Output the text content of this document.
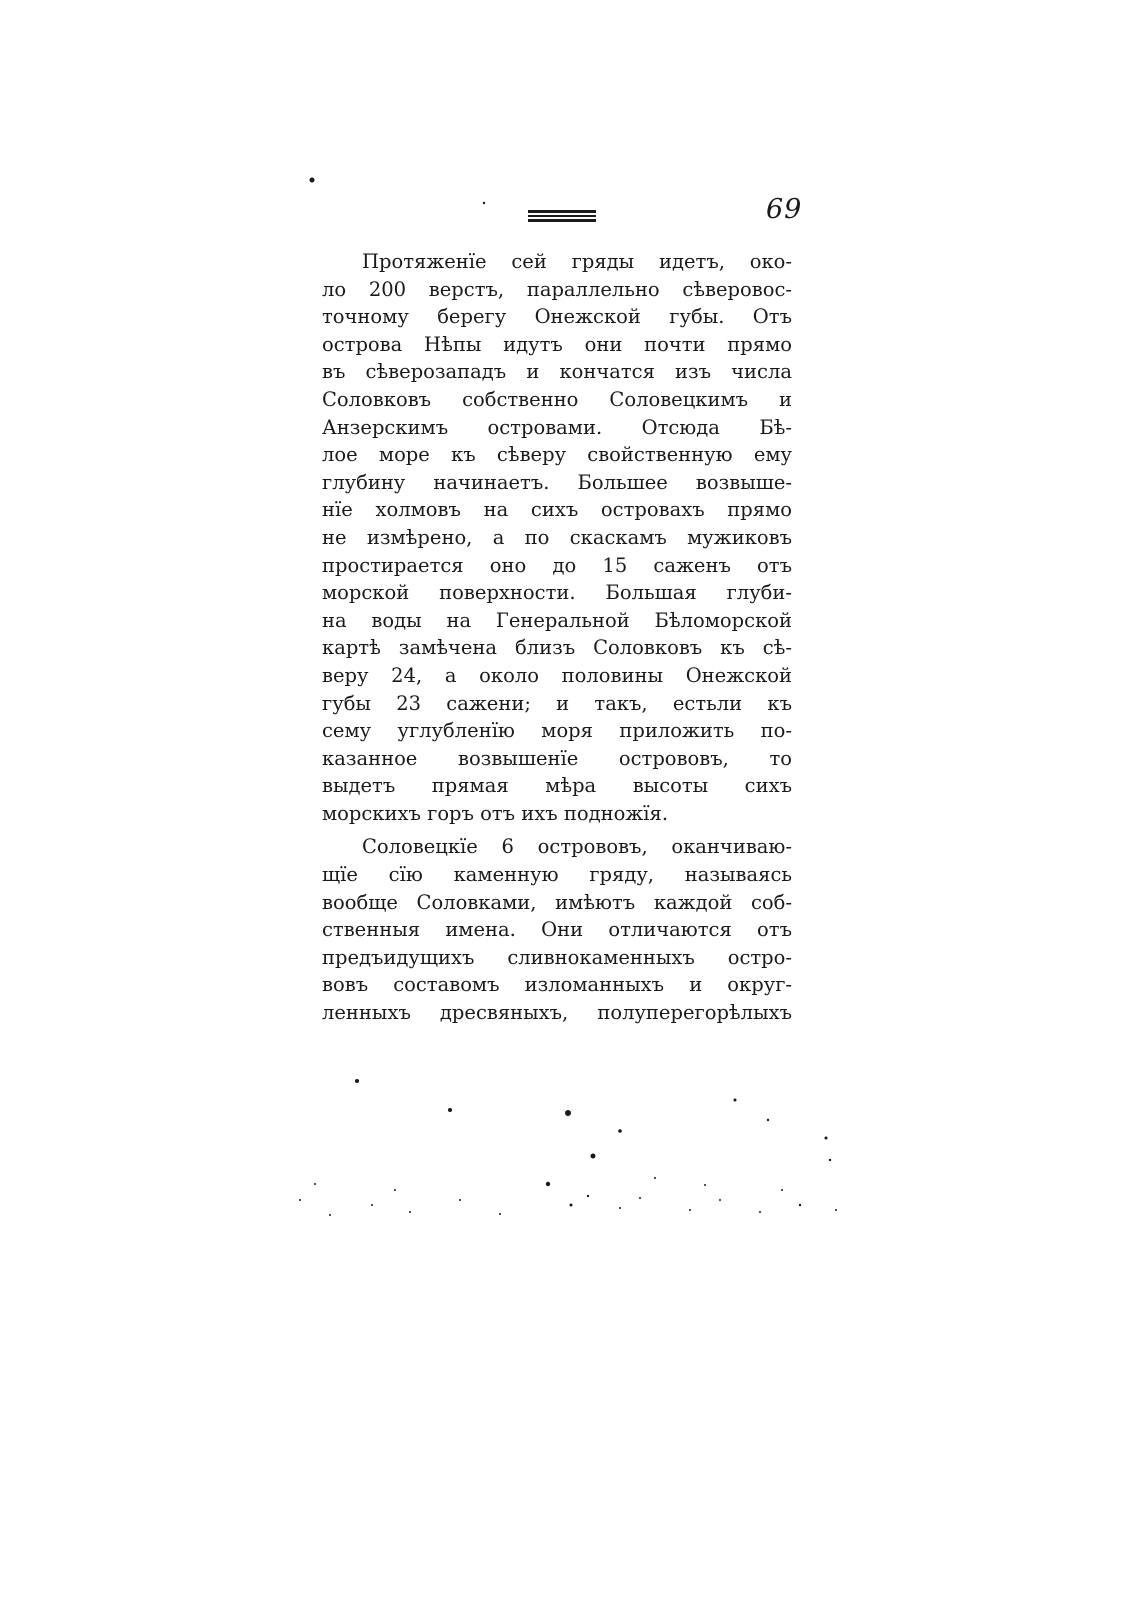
69
Протяженїе сей гряды идетъ, око-
ло 200 верстъ, параллельно сѣверовос-
точному берегу Онежской губы. Отъ
острова Нѣпы идутъ они почти прямо
въ сѣверозападъ и кончатся изъ числа
Соловковъ собственно Соловецкимъ и
Анзерскимъ островами. Отсюда Бѣ-
лое море къ сѣверу свойственную ему
глубину начинаетъ. Большее возвыше-
нїе холмовъ на сихъ островахъ прямо
не измѣрено, а по скаскамъ мужиковъ
простирается оно до 15 саженъ отъ
морской поверхности. Большая глуби-
на воды на Генеральной Бѣломорской
картѣ замѣчена близъ Соловковъ къ сѣ-
веру 24, а около половины Онежской
губы 23 сажени; и такъ, естьли къ
сему углубленїю моря приложить по-
казанное возвышенїе острововъ, то
выдетъ прямая мѣра высоты сихъ
морскихъ горъ отъ ихъ подножїя.
Соловецкїе 6 острововъ, оканчиваю-
щїе сїю каменную гряду, называясь
вообще Соловками, имѣютъ каждой соб-
ственныя имена. Они отличаются отъ
предъидущихъ сливнокаменныхъ остро-
вовъ составомъ изломанныхъ и округ-
ленныхъ дресвяныхъ, полуперегорѣлыхъ
